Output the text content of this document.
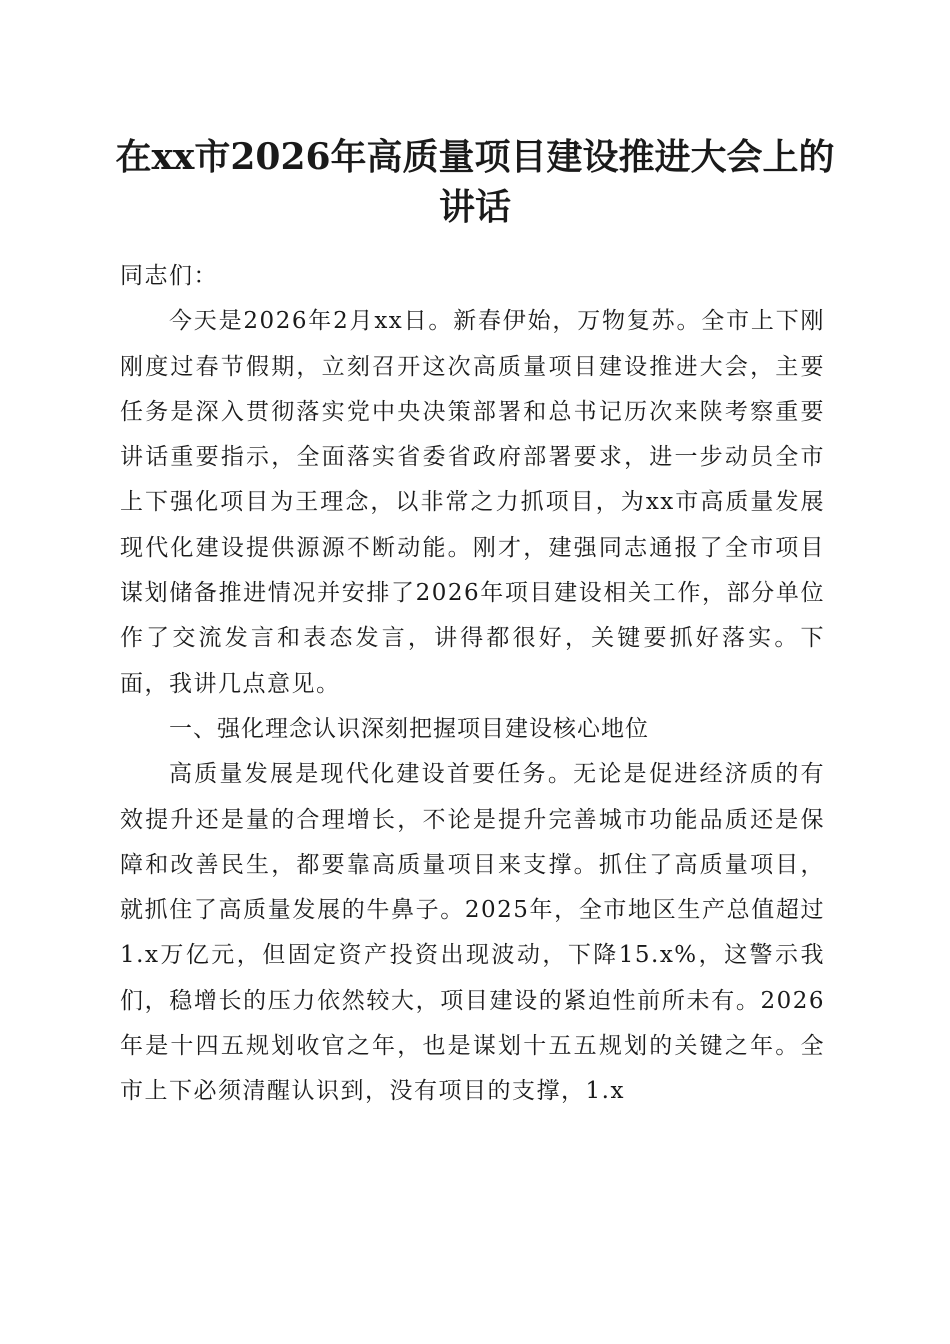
在xx市2026年高质量项目建设推进大会上的讲话

同志们：

今天是2026年2月xx日。新春伊始，万物复苏。全市上下刚刚度过春节假期，立刻召开这次高质量项目建设推进大会，主要任务是深入贯彻落实党中央决策部署和总书记历次来陕考察重要讲话重要指示，全面落实省委省政府部署要求，进一步动员全市上下强化项目为王理念，以非常之力抓项目，为xx市高质量发展现代化建设提供源源不断动能。刚才，建强同志通报了全市项目谋划储备推进情况并安排了2026年项目建设相关工作，部分单位作了交流发言和表态发言，讲得都很好，关键要抓好落实。下面，我讲几点意见。

一、强化理念认识深刻把握项目建设核心地位

高质量发展是现代化建设首要任务。无论是促进经济质的有效提升还是量的合理增长，不论是提升完善城市功能品质还是保障和改善民生，都要靠高质量项目来支撑。抓住了高质量项目，就抓住了高质量发展的牛鼻子。2025年，全市地区生产总值超过1.x万亿元，但固定资产投资出现波动，下降15.x%，这警示我们，稳增长的压力依然较大，项目建设的紧迫性前所未有。2026年是十四五规划收官之年，也是谋划十五五规划的关键之年。全市上下必须清醒认识到，没有项目的支撑，1.x
